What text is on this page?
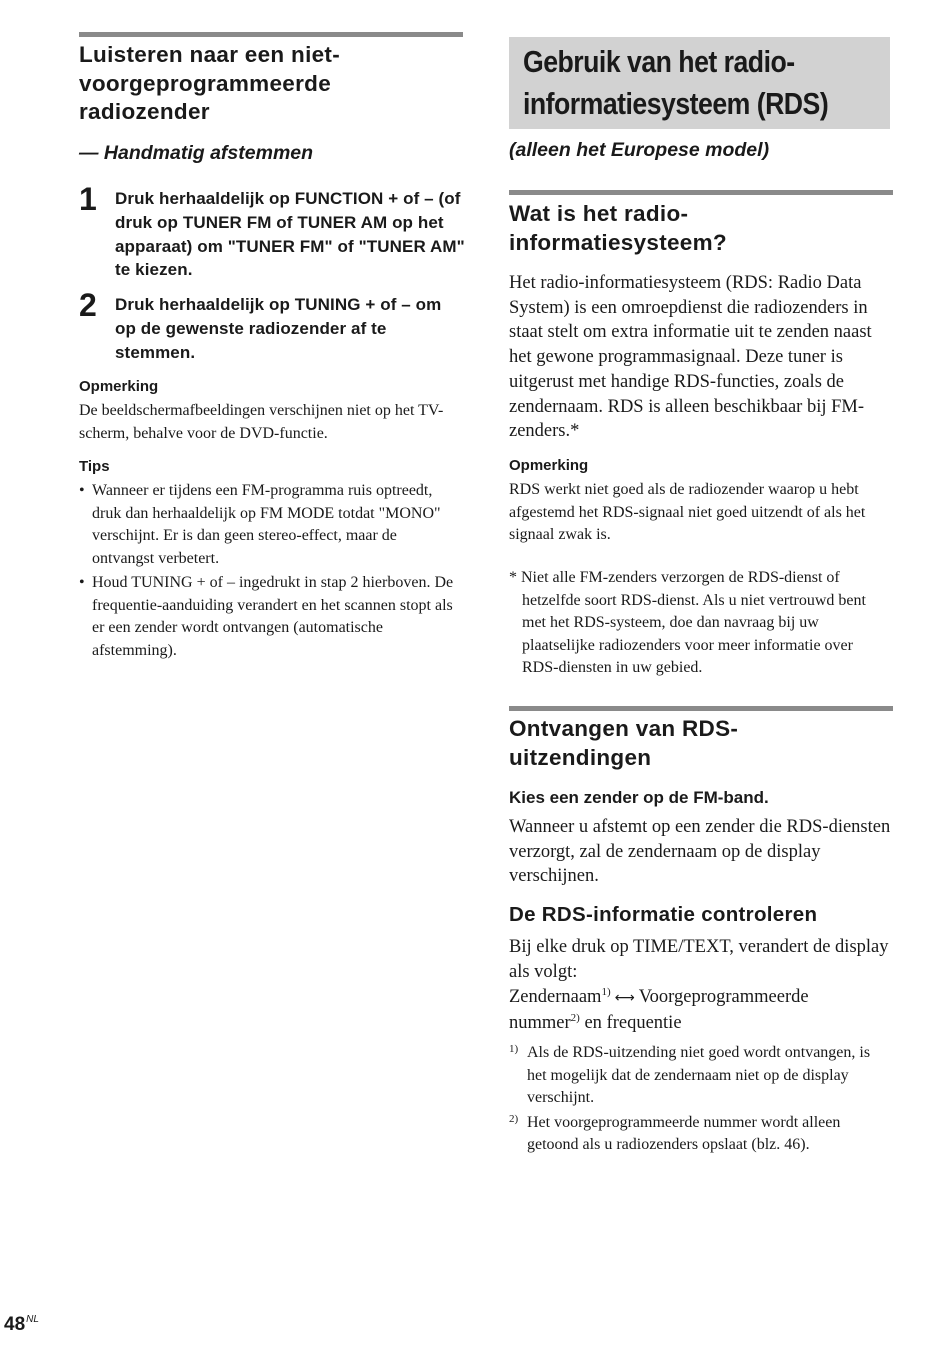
Luisteren naar een niet-
voorgeprogrammeerde
radiozender

— Handmatig afstemmen

1 Druk herhaaldelijk op FUNCTION + of – (of druk op TUNER FM of TUNER AM op het apparaat) om "TUNER FM" of "TUNER AM" te kiezen.

2 Druk herhaaldelijk op TUNING + of – om op de gewenste radiozender af te stemmen.

Opmerking

De beeldschermafbeeldingen verschijnen niet op het TV-scherm, behalve voor de DVD-functie.

Tips

• Wanneer er tijdens een FM-programma ruis optreedt, druk dan herhaaldelijk op FM MODE totdat "MONO" verschijnt. Er is dan geen stereo-effect, maar de ontvangst verbetert.
• Houd TUNING + of – ingedrukt in stap 2 hierboven. De frequentie-aanduiding verandert en het scannen stopt als er een zender wordt ontvangen (automatische afstemming).
Gebruik van het radio-
informatiesysteem (RDS)

(alleen het Europese model)

Wat is het radio-
informatiesysteem?

Het radio-informatiesysteem (RDS: Radio Data System) is een omroepdienst die radiozenders in staat stelt om extra informatie uit te zenden naast het gewone programmasignaal. Deze tuner is uitgerust met handige RDS-functies, zoals de zendernaam. RDS is alleen beschikbaar bij FM-zenders.*

Opmerking

RDS werkt niet goed als de radiozender waarop u hebt afgestemd het RDS-signaal niet goed uitzendt of als het signaal zwak is.

* Niet alle FM-zenders verzorgen de RDS-dienst of hetzelfde soort RDS-dienst. Als u niet vertrouwd bent met het RDS-systeem, doe dan navraag bij uw plaatselijke radiozenders voor meer informatie over RDS-diensten in uw gebied.

Ontvangen van RDS-
uitzendingen

Kies een zender op de FM-band.

Wanneer u afstemt op een zender die RDS-diensten verzorgt, zal de zendernaam op de display verschijnen.

De RDS-informatie controleren

Bij elke druk op TIME/TEXT, verandert de display als volgt:

Zendernaam$^{1)}$ ⟷ Voorgeprogrammeerde
nummer$^{2)}$ en frequentie

1) Als de RDS-uitzending niet goed wordt ontvangen, is het mogelijk dat de zendernaam niet op de display verschijnt.
2) Het voorgeprogrammeerde nummer wordt alleen getoond als u radiozenders opslaat (blz. 46).
$48^{NL}$
